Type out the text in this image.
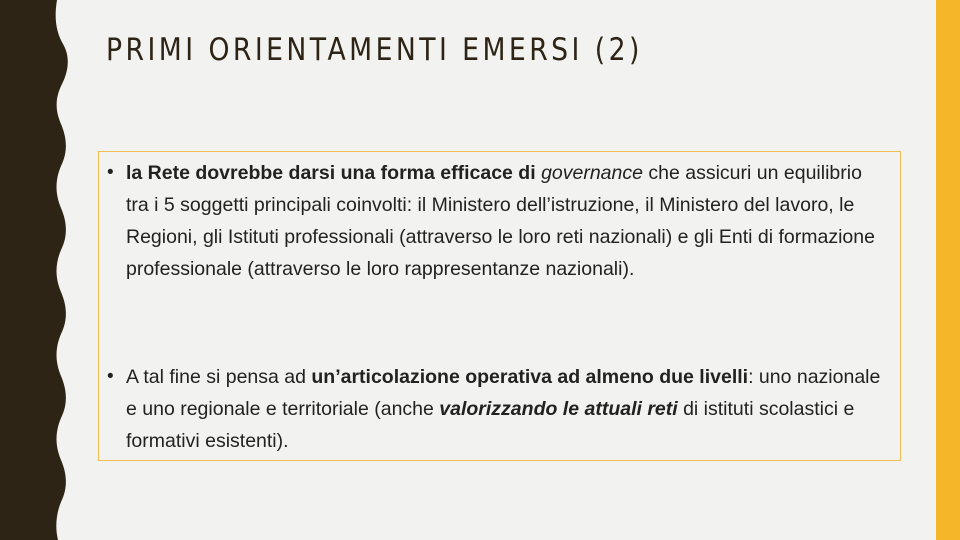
PRIMI ORIENTAMENTI EMERSI (2)
• la Rete dovrebbe darsi una forma efficace di governance che assicuri un equilibrio tra i 5 soggetti principali coinvolti: il Ministero dell’istruzione, il Ministero del lavoro, le Regioni, gli Istituti professionali (attraverso le loro reti nazionali) e gli Enti di formazione professionale (attraverso le loro rappresentanze nazionali).
• A tal fine si pensa ad un’articolazione operativa ad almeno due livelli: uno nazionale e uno regionale e territoriale (anche valorizzando le attuali reti di istituti scolastici e formativi esistenti).
